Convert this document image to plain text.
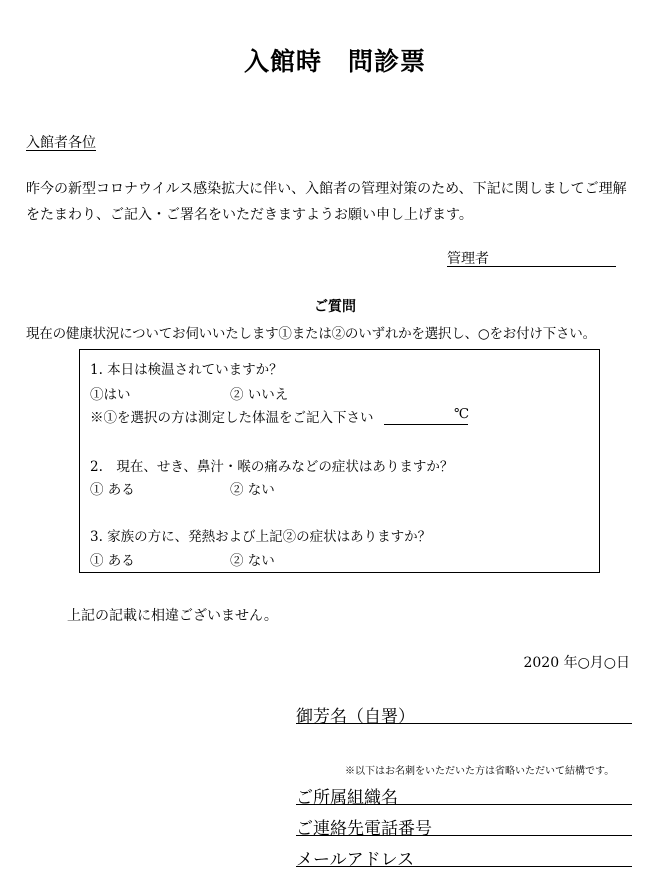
入館時　問診票
入館者各位
昨今の新型コロナウイルス感染拡大に伴い、入館者の管理対策のため、下記に関しましてご理解
をたまわり、ご記入・ご署名をいただきますようお願い申し上げます。
管理者
ご質問
現在の健康状況についてお伺いいたします①または②のいずれかを選択し、○をお付け下さい。
1. 本日は検温されていますか？
①はい	② いいえ
※①を選択の方は測定した体温をご記入下さい	℃
2.　現在、せき、鼻汁・喉の痛みなどの症状はありますか？
① ある	② ない
3. 家族の方に、発熱および上記②の症状はありますか？
① ある	② ない
上記の記載に相違ございません。
2020 年○月○日
御芳名（自署）
※以下はお名刺をいただいた方は省略いただいて結構です。
ご所属組織名
ご連絡先電話番号
メールアドレス
